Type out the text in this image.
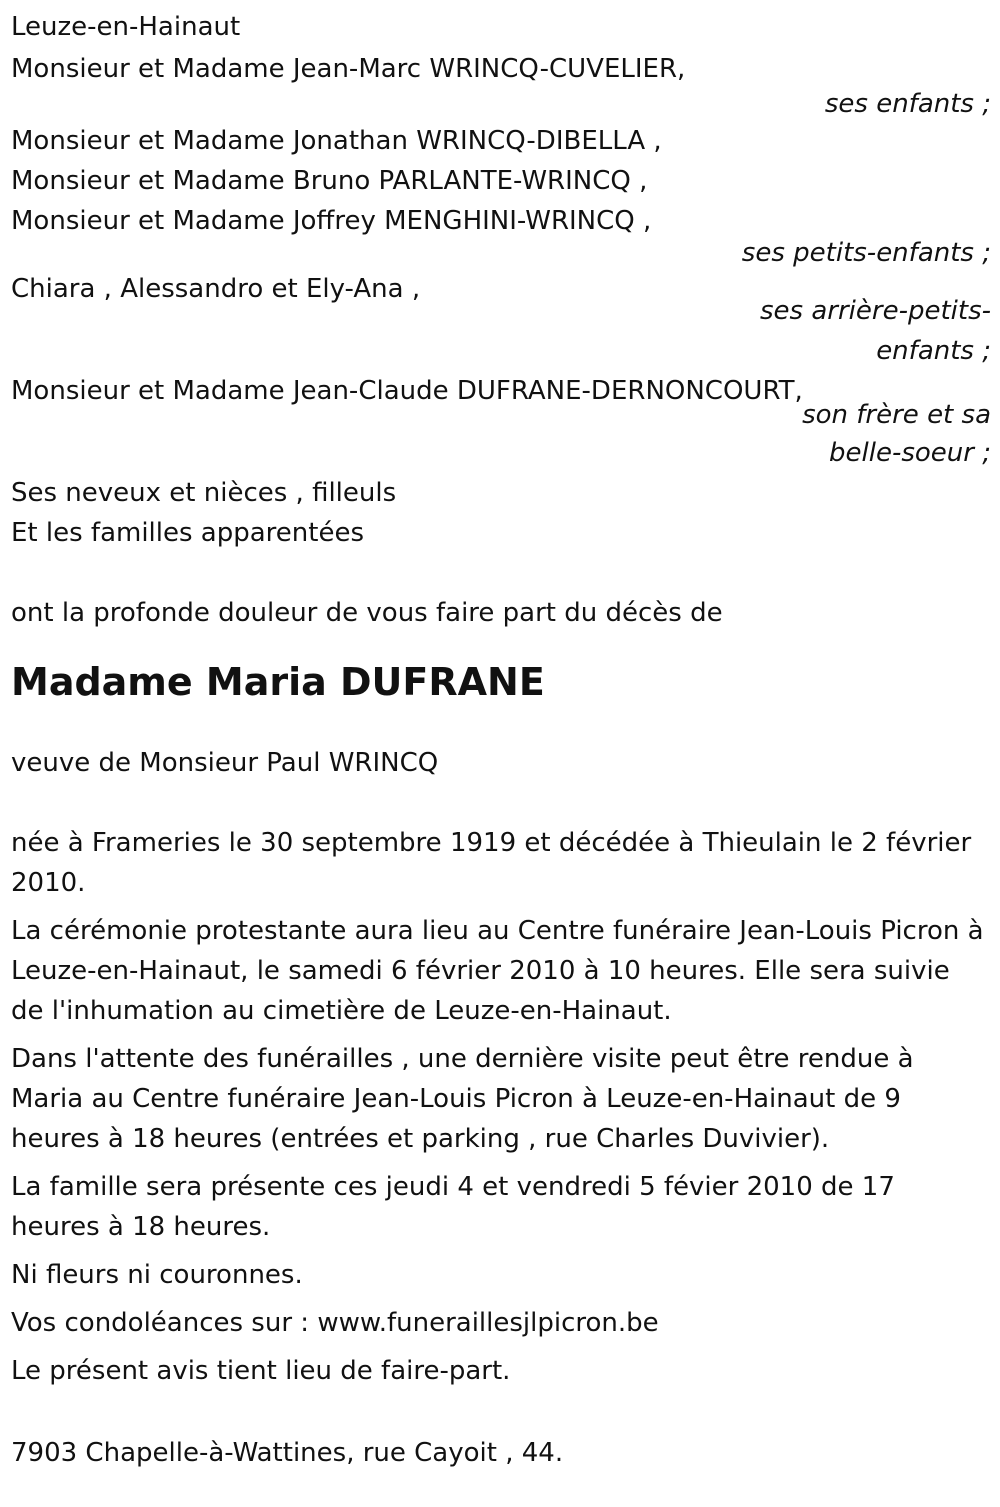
Leuze-en-Hainaut
Monsieur et Madame Jean-Marc WRINCQ-CUVELIER,
ses enfants ;
Monsieur et Madame Jonathan WRINCQ-DIBELLA ,
Monsieur et Madame Bruno PARLANTE-WRINCQ ,
Monsieur et Madame Joffrey MENGHINI-WRINCQ ,
ses petits-enfants ;
Chiara , Alessandro et Ely-Ana ,
ses arrière-petits-
enfants ;
Monsieur et Madame Jean-Claude DUFRANE-DERNONCOURT,
son frère et sa
belle-soeur ;
Ses neveux et nièces , filleuls
Et les familles apparentées
ont la profonde douleur de vous faire part du décès de
Madame Maria DUFRANE
veuve de Monsieur Paul WRINCQ

née à Frameries le 30 septembre 1919 et décédée à Thieulain le 2 février 2010.

La cérémonie protestante aura lieu au Centre funéraire Jean-Louis Picron à Leuze-en-Hainaut, le samedi 6 février 2010 à 10 heures. Elle sera suivie de l'inhumation au cimetière de Leuze-en-Hainaut.

Dans l'attente des funérailles , une dernière visite peut être rendue à Maria au Centre funéraire Jean-Louis Picron à Leuze-en-Hainaut de 9 heures à 18 heures (entrées et parking , rue Charles Duvivier).

La famille sera présente ces jeudi 4 et vendredi 5 févier 2010 de 17 heures à 18 heures.

Ni fleurs ni couronnes.

Vos condoléances sur : www.funeraillesjlpicron.be

Le présent avis tient lieu de faire-part.

7903 Chapelle-à-Wattines, rue Cayoit , 44.
